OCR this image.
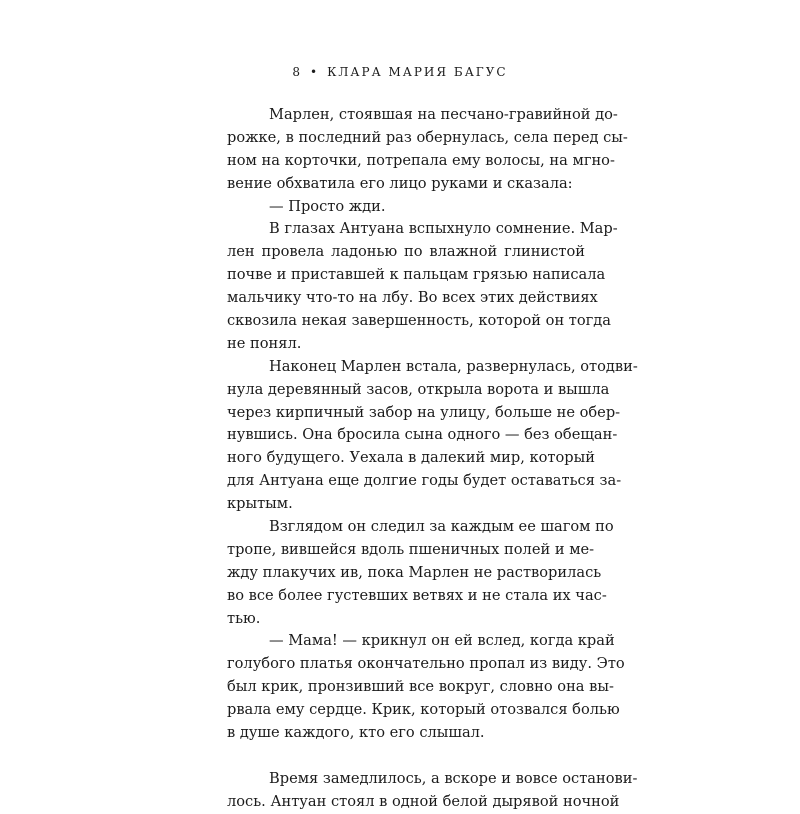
8 • КЛАРА МАРИЯ БАГУС
Марлен, стоявшая на песчано-гравийной до-
рожке, в последний раз обернулась, села перед сы-
ном на корточки, потрепала ему волосы, на мгно-
вение обхватила его лицо руками и сказала:
— Просто жди.
В глазах Антуана вспыхнуло сомнение. Мар-
лен провела ладонью по влажной глинистой
почве и приставшей к пальцам грязью написала
мальчику что-то на лбу. Во всех этих действиях
сквозила некая завершенность, которой он тогда
не понял.
Наконец Марлен встала, развернулась, отодви-
нула деревянный засов, открыла ворота и вышла
через кирпичный забор на улицу, больше не обер-
нувшись. Она бросила сына одного — без обещан-
ного будущего. Уехала в далекий мир, который
для Антуана еще долгие годы будет оставаться за-
крытым.
Взглядом он следил за каждым ее шагом по
тропе, вившейся вдоль пшеничных полей и ме-
жду плакучих ив, пока Марлен не растворилась
во все более густевших ветвях и не стала их час-
тью.
— Мама! — крикнул он ей вслед, когда край
голубого платья окончательно пропал из виду. Это
был крик, пронзивший все вокруг, словно она вы-
рвала ему сердце. Крик, который отозвался болью
в душе каждого, кто его слышал.
Время замедлилось, а вскоре и вовсе останови-
лось. Антуан стоял в одной белой дырявой ночной
